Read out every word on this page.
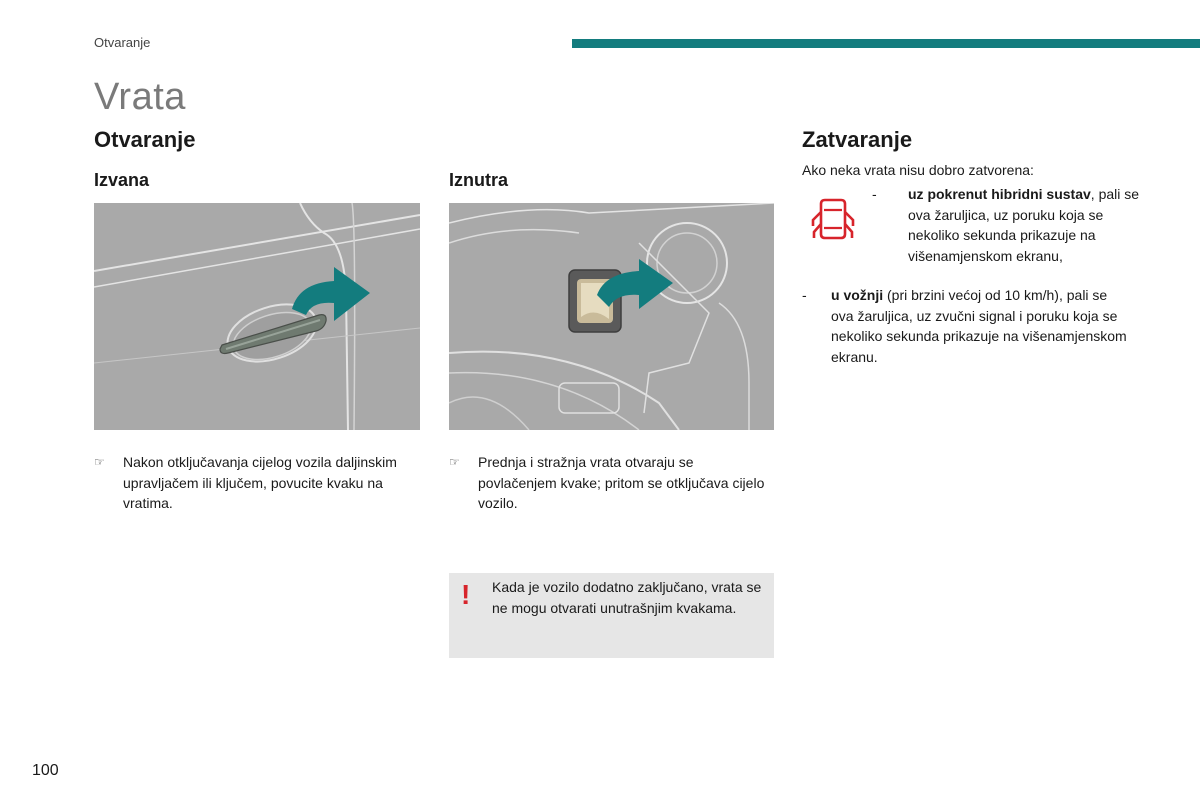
Otvaranje
Vrata
Otvaranje
Izvana	Iznutra
☞ Nakon otključavanja cijelog vozila daljinskim upravljačem ili ključem, povucite kvaku na vratima.
☞ Prednja i stražnja vrata otvaraju se povlačenjem kvake; pritom se otključava cijelo vozilo.
! Kada je vozilo dodatno zaključano, vrata se ne mogu otvarati unutrašnjim kvakama.
Zatvaranje
Ako neka vrata nisu dobro zatvorena:
- uz pokrenut hibridni sustav, pali se ova žaruljica, uz poruku koja se nekoliko sekunda prikazuje na višenamjenskom ekranu,
- u vožnji (pri brzini većoj od 10 km/h), pali se ova žaruljica, uz zvučni signal i poruku koja se nekoliko sekunda prikazuje na višenamjenskom ekranu.
100
